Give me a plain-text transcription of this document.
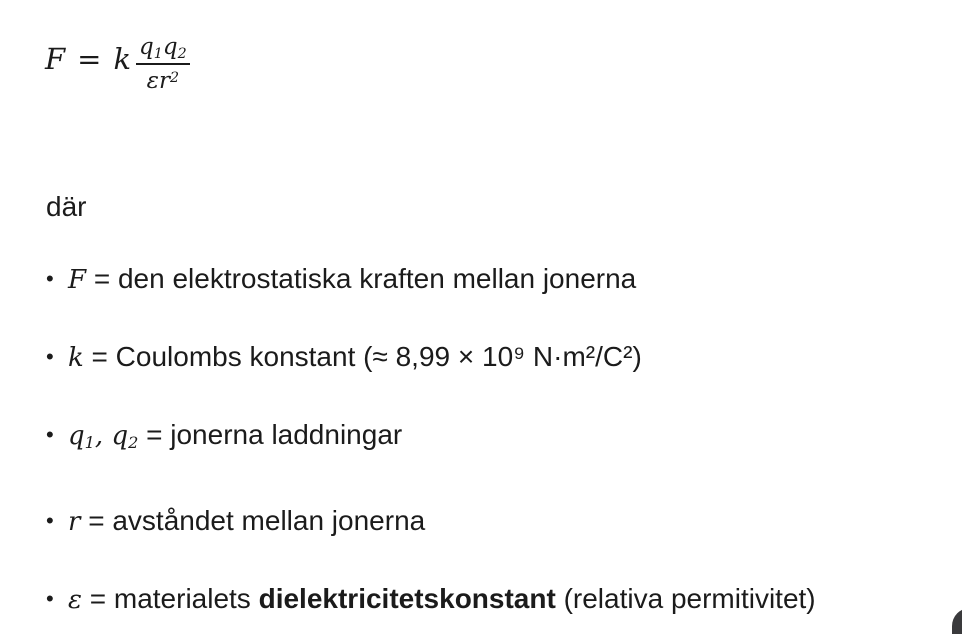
F = k $\frac{q1q2}{\varepsilon r^2}$

där

• F = den elektrostatiska kraften mellan jonerna
• k = Coulombs konstant (≈ 8,99 × 10⁹ N·m²/C²)
• q1, q2 = jonerna laddningar
• r = avståndet mellan jonerna
• ε = materialets dielektricitetskonstant (relativa permitivitet)
